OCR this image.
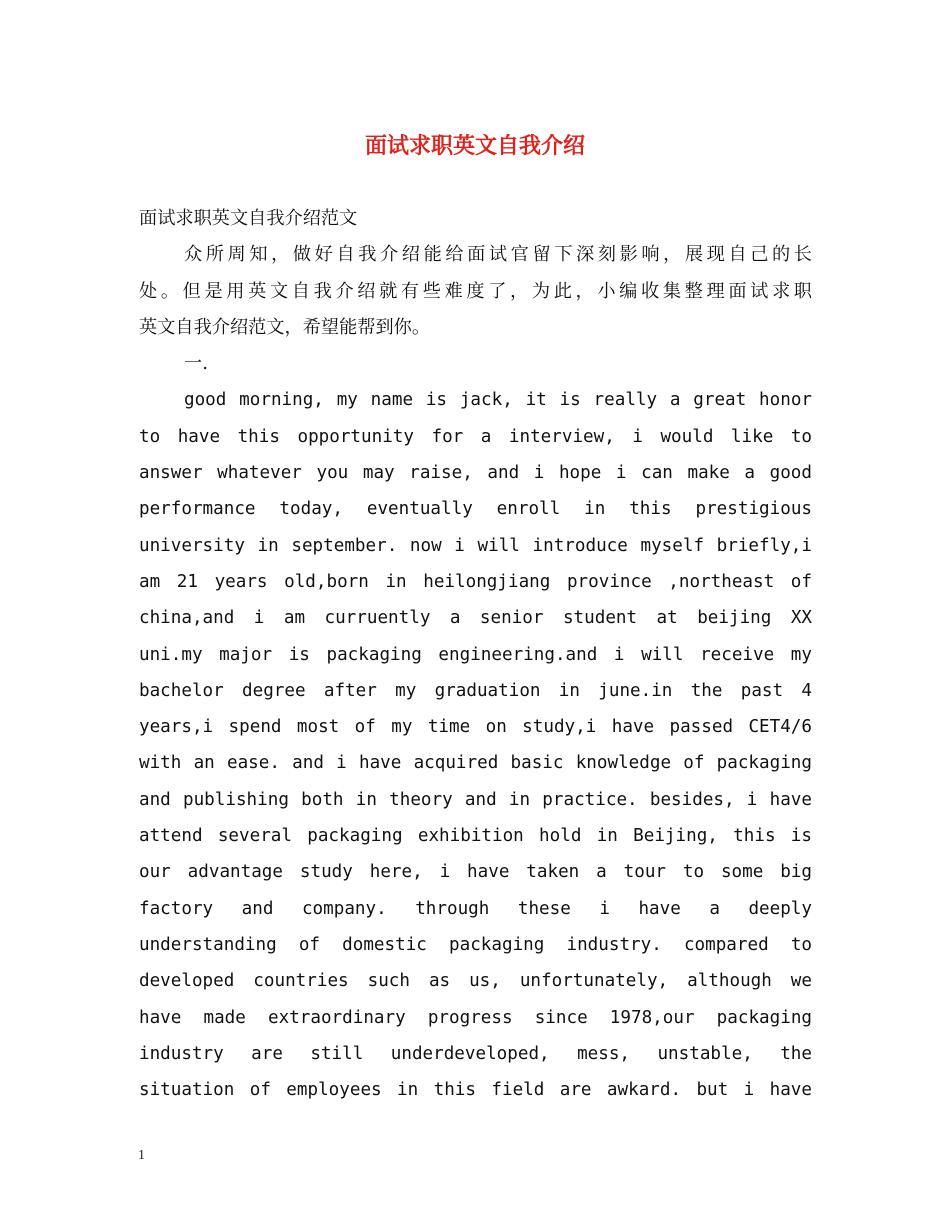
面试求职英文自我介绍
面试求职英文自我介绍范文
众所周知，做好自我介绍能给面试官留下深刻影响，展现自己的长
处。但是用英文自我介绍就有些难度了，为此，小编收集整理面试求职
英文自我介绍范文，希望能帮到你。
一.
good morning, my name is jack, it is really a great honor
to have this opportunity for a interview, i would like to
answer whatever you may raise, and i hope i can make a good
performance today, eventually enroll in this prestigious
university in september. now i will introduce myself briefly,i
am 21 years old,born in heilongjiang province ,northeast of
china,and i am curruently a senior student at beijing XX
uni.my major is packaging engineering.and i will receive my
bachelor degree after my graduation in june.in the past 4
years,i spend most of my time on study,i have passed CET4/6
with an ease. and i have acquired basic knowledge of packaging
and publishing both in theory and in practice. besides, i have
attend several packaging exhibition hold in Beijing, this is
our advantage study here, i have taken a tour to some big
factory and company. through these i have a deeply
understanding of domestic packaging industry. compared to
developed countries such as us, unfortunately, although we
have made extraordinary progress since 1978,our packaging
industry are still underdeveloped, mess, unstable, the
situation of employees in this field are awkard. but i have
1
